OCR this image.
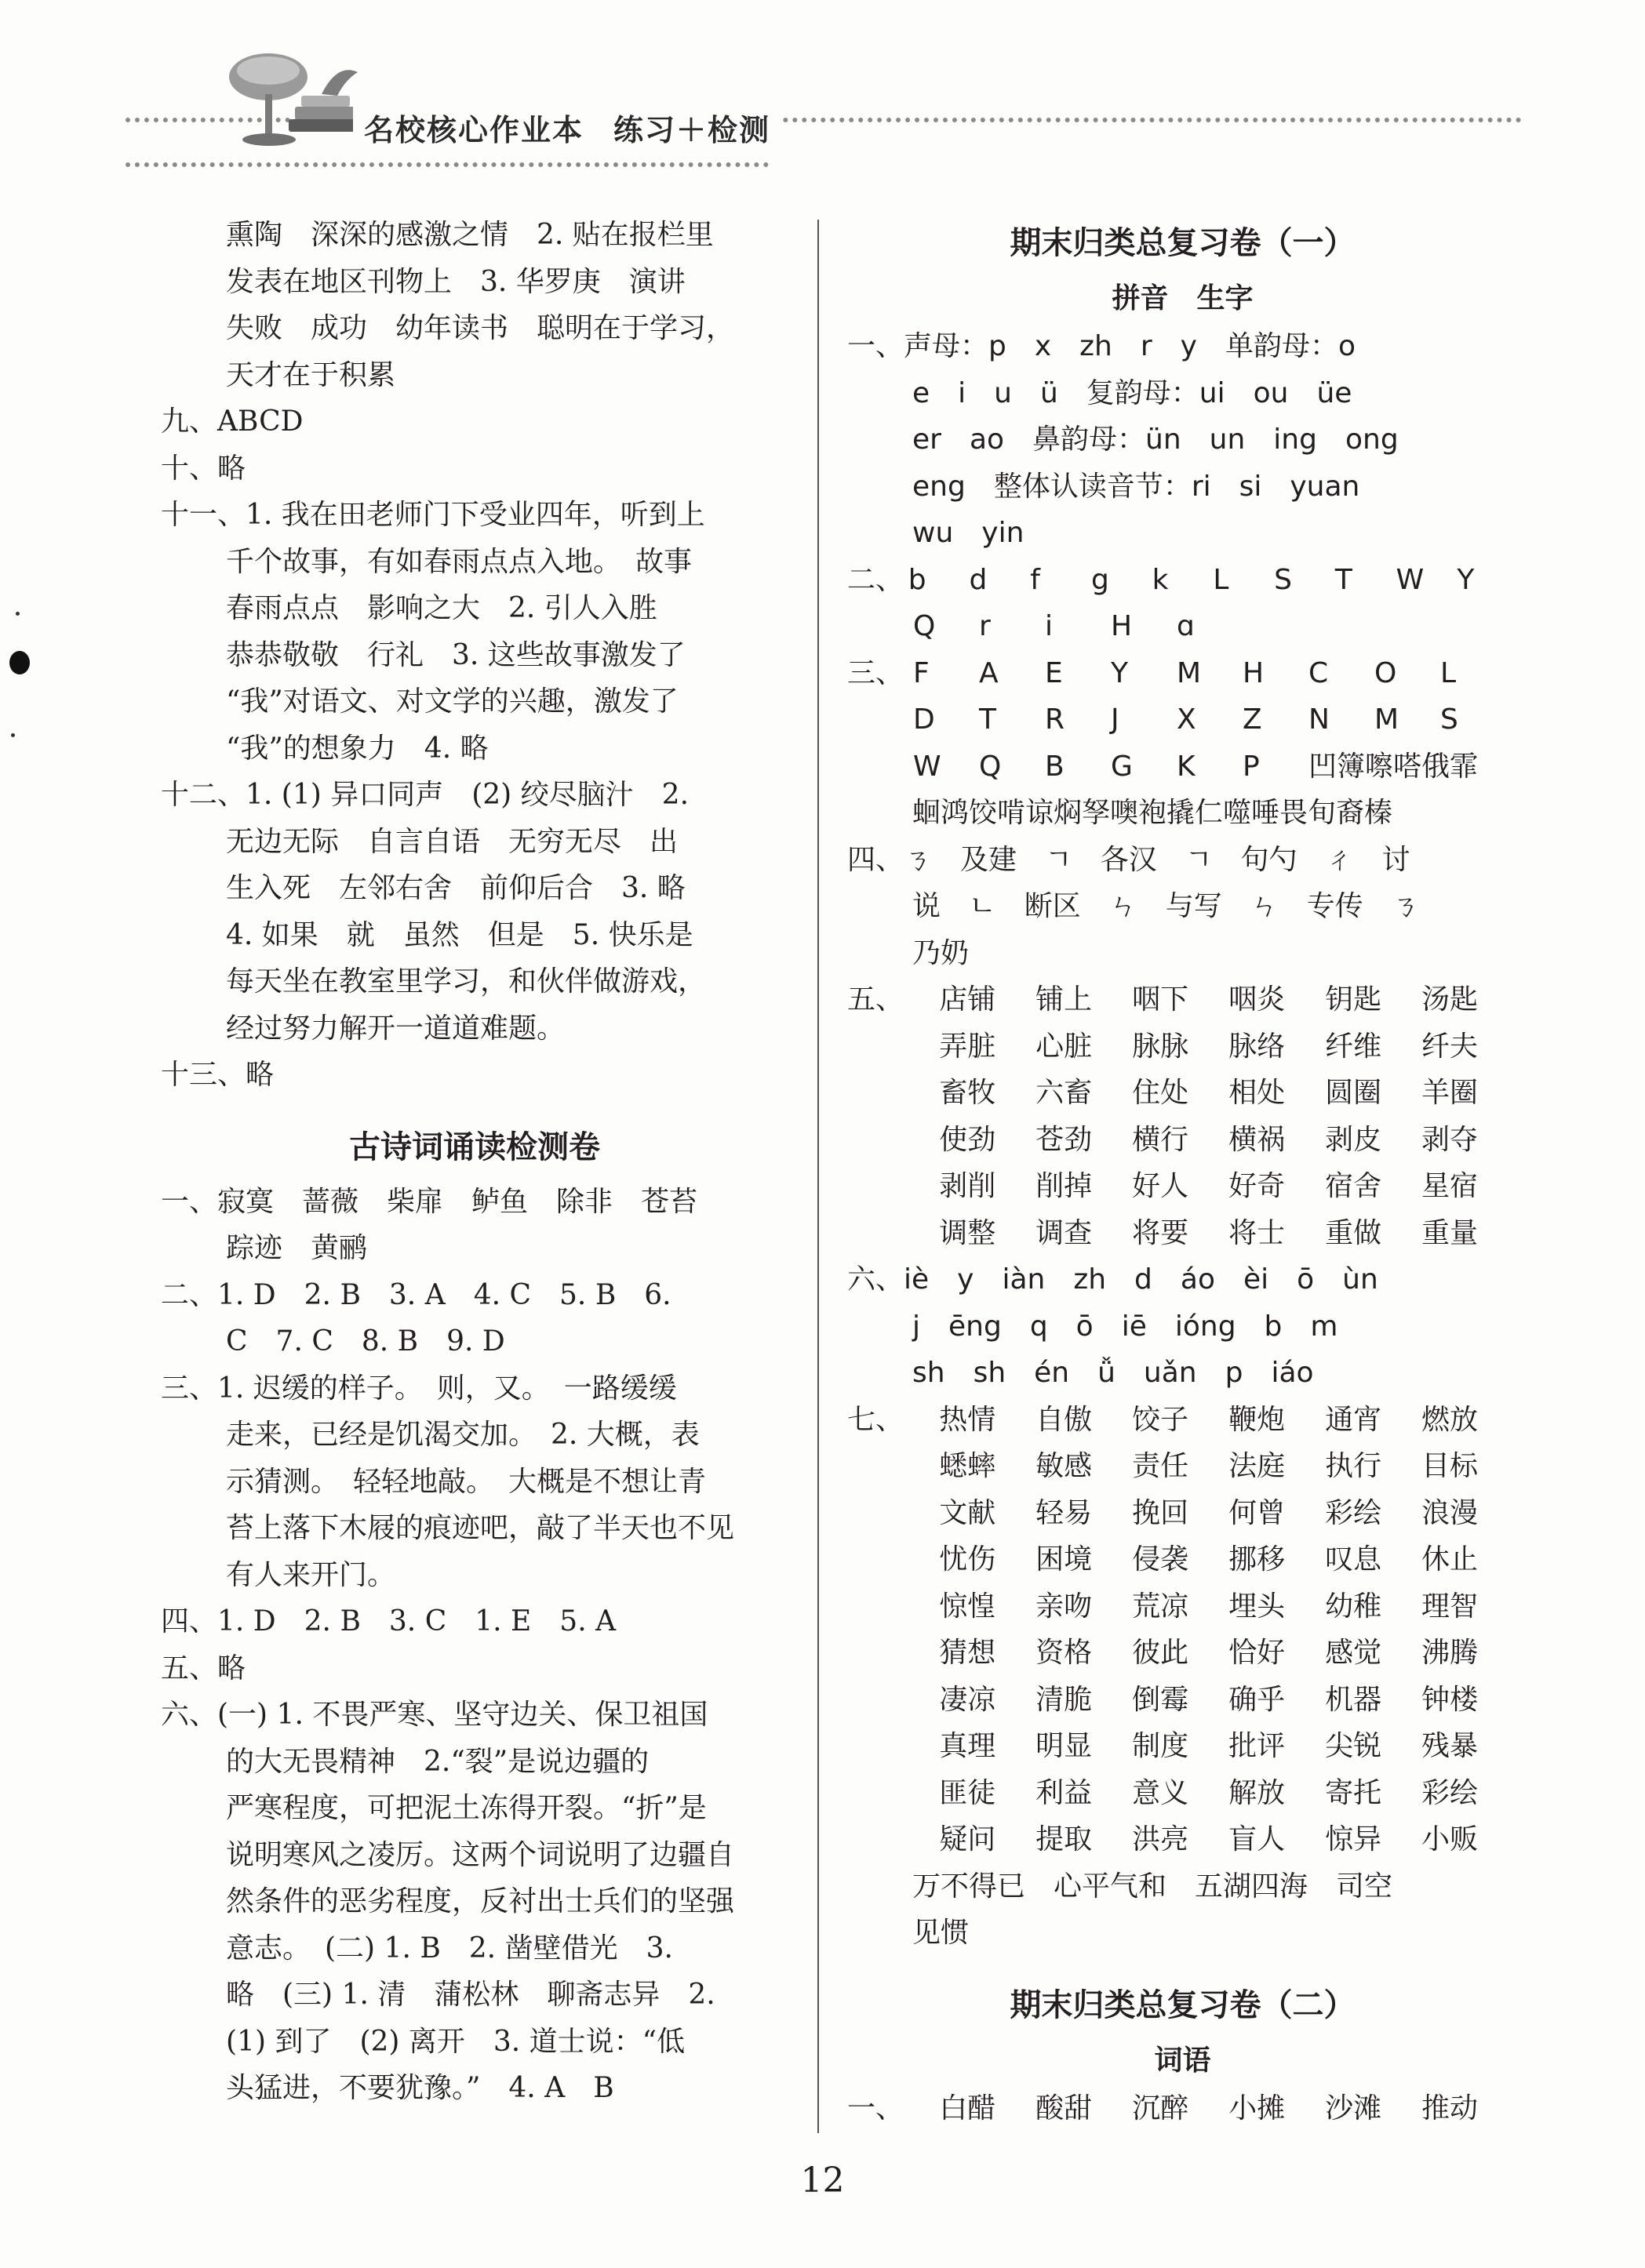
名校核心作业本 练习＋检测
熏陶　深深的感激之情　2. 贴在报栏里
发表在地区刊物上　3. 华罗庚　演讲
失败　成功　幼年读书　聪明在于学习，
天才在于积累
九、ABCD
十、略
十一、1. 我在田老师门下受业四年，听到上
千个故事，有如春雨点点入地。　故事
春雨点点　影响之大　2. 引人入胜
恭恭敬敬　行礼　3. 这些故事激发了
“我”对语文、对文学的兴趣，激发了
“我”的想象力　4. 略
十二、1. (1) 异口同声　(2) 绞尽脑汁　2.
无边无际　自言自语　无穷无尽　出
生入死　左邻右舍　前仰后合　3. 略
4. 如果　就　虽然　但是　5. 快乐是
每天坐在教室里学习，和伙伴做游戏，
经过努力解开一道道难题。
十三、略
古诗词诵读检测卷
一、寂寞　蔷薇　柴扉　鲈鱼　除非　苍苔
踪迹　黄鹂
二、1. D　2. B　3. A　4. C　5. B　6.
C　7. C　8. B　9. D
三、1. 迟缓的样子。　则，又。　一路缓缓
走来，已经是饥渴交加。　2. 大概，表
示猜测。　轻轻地敲。　大概是不想让青
苔上落下木屐的痕迹吧，敲了半天也不见
有人来开门。
四、1. D　2. B　3. C　1. E　5. A
五、略
六、(一) 1. 不畏严寒、坚守边关、保卫祖国
的大无畏精神　2.“裂”是说边疆的
严寒程度，可把泥土冻得开裂。“折”是
说明寒风之凌厉。这两个词说明了边疆自
然条件的恶劣程度，反衬出士兵们的坚强
意志。　(二) 1. B　2. 凿壁借光　3.
略　(三) 1. 清　蒲松林　聊斋志异　2.
(1) 到了　(2) 离开　3. 道士说：“低
头猛进，不要犹豫。”　4. A　B
期末归类总复习卷（一）
拼音　生字
一、声母：p　x　zh　r　y　单韵母：o
e　i　u　ü　复韵母：ui　ou　üe
er　ao　鼻韵母：ün　un　ing　ong
eng　整体认读音节：ri　si　yuan
wu　yin
二、 b	d	f	g	k	L	S	T	W	Y
Q	r	i	H	ɑ
三、 F	A	E	Y	M	H	C	O	L
D	T	R	J	X	Z	N	M	S
W	Q	B	G	K	P	凹簿嚓嗒俄霏
蛔鸿饺啃谅焖孥噢袍撬仁噬唾畏旬裔榛
四、ㄋ　及建　ㄱ　各汉　ㄱ　句勺　ㄔ　讨
说　ㄴ　断区　ㄣ　与写　ㄣ　专传　ㄋ
乃奶
五、	店铺	铺上	咽下	咽炎	钥匙	汤匙
弄脏	心脏	脉脉	脉络	纤维	纤夫
畜牧	六畜	住处	相处	圆圈	羊圈
使劲	苍劲	横行	横祸	剥皮	剥夺
剥削	削掉	好人	好奇	宿舍	星宿
调整	调查	将要	将士	重做	重量
六、iè　y　iàn　zh　d　áo　èi　ō　ùn
j　ēng　q　ō　iē　ióng　b　m
sh　sh　én　ǚ　uǎn　p　iáo
七、	热情	自傲	饺子	鞭炮	通宵	燃放
蟋蟀	敏感	责任	法庭	执行	目标
文献	轻易	挽回	何曾	彩绘	浪漫
忧伤	困境	侵袭	挪移	叹息	休止
惊惶	亲吻	荒凉	埋头	幼稚	理智
猜想	资格	彼此	恰好	感觉	沸腾
凄凉	清脆	倒霉	确乎	机器	钟楼
真理	明显	制度	批评	尖锐	残暴
匪徒	利益	意义	解放	寄托	彩绘
疑问	提取	洪亮	盲人	惊异	小贩
万不得已　心平气和　五湖四海　司空
见惯
期末归类总复习卷（二）
词语
一、	白醋	酸甜	沉醉	小摊	沙滩	推动
12
